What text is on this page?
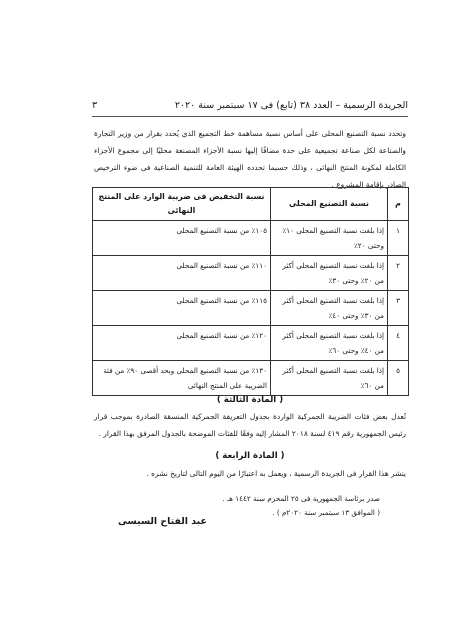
الجريدة الرسمية – العدد ٣٨ (تابع) فى ١٧ سبتمبر سنة ٢٠٢٠
٣

وتحدد نسبة التصنيع المحلى على أساس نسبة مساهمة خط التجميع الذى يُحدد بقرار من وزير التجارة والصناعة لكل صناعة تجميعية على حدة مضافًا إليها نسبة الأجزاء المصنعة محليًا إلى مجموع الأجزاء الكاملة لمكونة المنتج النهائى ، وذلك حسبما تحدده الهيئة العامة للتنمية الصناعية فى ضوء الترخيص الصادر بإقامة المشروع .

م	نسبة التصنيع المحلى	نسبة التخفيض فى ضريبة الوارد على المنتج النهائى
١	إذا بلغت نسبة التصنيع المحلى ١٠٪ وحتى ٢٠٪	١٠٥٪ من نسبة التصنيع المحلى
٢	إذا بلغت نسبة التصنيع المحلى أكثر من ٢٠٪ وحتى ٣٠٪	١١٠٪ من نسبة التصنيع المحلى
٣	إذا بلغت نسبة التصنيع المحلى أكثر من ٣٠٪ وحتى ٤٠٪	١١٥٪ من نسبة التصنيع المحلى
٤	إذا بلغت نسبة التصنيع المحلى أكثر من ٤٠٪ وحتى ٦٠٪	١٢٠٪ من نسبة التصنيع المحلى
٥	إذا بلغت نسبة التصنيع المحلى أكثر من ٦٠٪	١٣٠٪ من نسبة التصنيع المحلى وبحد أقصى ٩٠٪ من فئة الضريبة على المنتج النهائى
( المادة الثالثة )

تُعدل بعض فئات الضريبة الجمركية الواردة بجدول التعريفة الجمركية المنسقة الصادرة بموجب قرار رئيس الجمهورية رقم ٤١٩ لسنة ٢٠١٨ المشار إليه وفقًا للفئات الموضحة بالجدول المرفق بهذا القرار .

( المادة الرابعة )

ينشر هذا القرار فى الجريدة الرسمية ، ويعمل به اعتبارًا من اليوم التالى لتاريخ نشره .

صدر برئاسة الجمهورية فى ٢٥ المحرم سنة ١٤٤٢ هـ .
( الموافق ١٣ سبتمبر سنة ٢٠٢٠م ) .
عبد الفتاح السيسى
